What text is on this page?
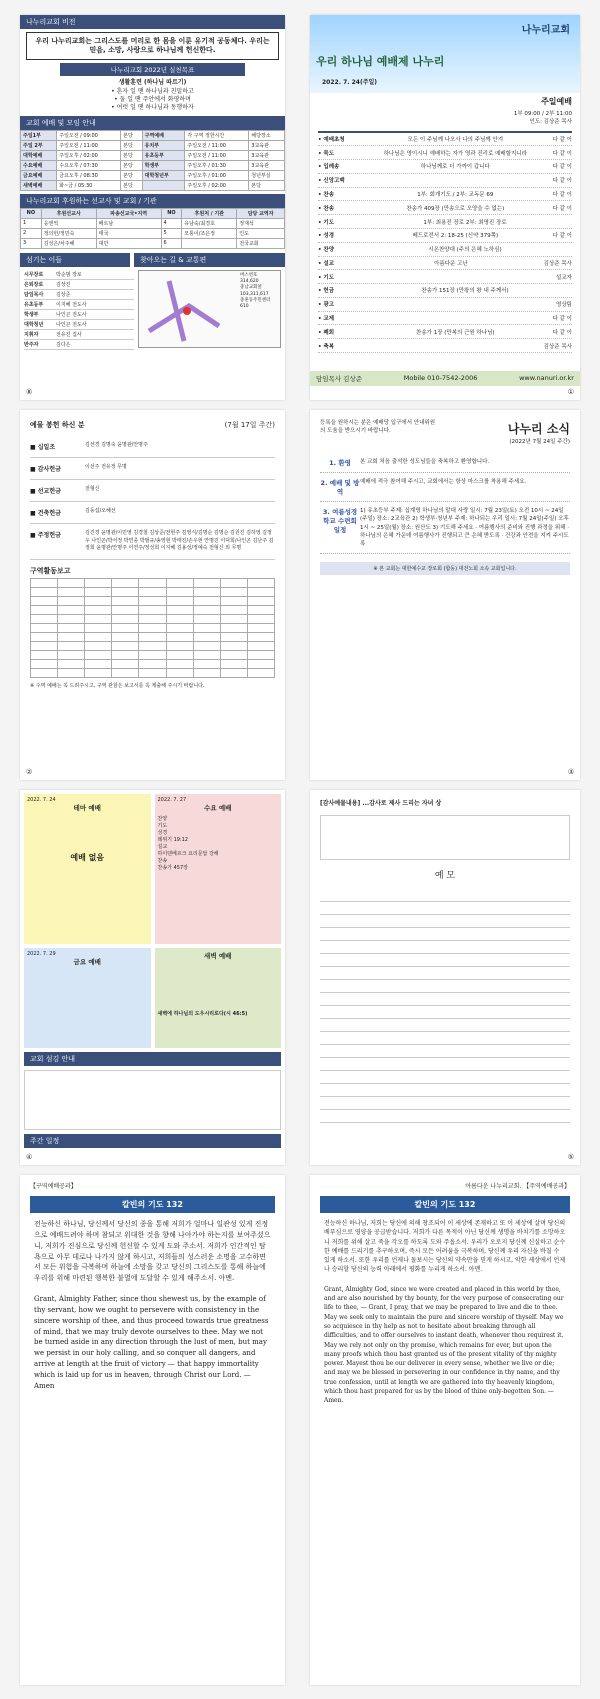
나누리교회 비전
우리 나누리교회는 그리스도를 머리로 한 몸을 이룬 유기적 공동체다. 우리는 믿음, 소망, 사랑으로 하나님께 헌신한다.
나누리교회 2022년 실천목표
생활훈련 (하나님 따르기)
• 혼자 일 땐 하나님과 친밀하고
• 둘 일 땐 주안에서 화평하며
• 여럿 일 땐 하나님과 동행하자
교회 예배 및 모임 안내
주일1부	주일오전 / 09:00	본당	구역예배	각 구역 정한시간	해당장소
주일 2부	주일오전 / 11:00	본당	유치부	주일오전 / 11:00	3교육관
대학예배	주일오후 / 02:00	본당	유초등부	주일오전 / 11:00	3교육관
수요예배	수요오후 / 07:30	본당	학생부	주일오후 / 01:30	3교육관
금요예배	금요오후 / 08:30	본당	대학청년부	주일오후 / 01:00	청년부실
새벽예배	화~금 / 05:30	본당		주일오후 / 02:00	본당
나누리교회 후원하는 선교사 및 교회 / 기관
NO	후원선교사	파송선교국•지역	NO	후원처 / 기관	담당 교역자
1	응엔씩	베트남	4	유남숙/최경호	정재석
2	정의헌/정민숙	태국	5	모퉁이/조은정	인도
3	김성은/차주혜	대만	6		전국교회
섬기는 이들	찾아오는 길 & 교통편
시무장로	박순범 장로
은퇴장로	김상진
담임목사	김상준
유초등부	이지혜 전도사
학생부	나인곤 전도사
대학청년	나인곤 전도사
지휘자	전유진 집사
반주자	김다은
버스번호
314,620
충남교회앞
103,311,617
충훈동주민센터
610
⑧
나누리교회
우리 하나님 예배제 나누리
2022. 7. 24(주일)
주일예배
1부 09:00 / 2부 11:00
인도: 김상준 목사
• 예배초청	모든 이 주님께 나오사 나의 주님께 안겨	다 같 이
• 묵도	하나님은 영이시니 예배하는 자가 영과 진리로 예배할지니라	다 같 이
• 입례송	하나님께로 더 가까이 갑니다	다 같 이
• 신앙고백	다 같 이
• 찬송	1부: 회개기도 / 2부: 교독문 69	다 같 이
• 찬송	찬송가 409장 (만송으로 오양을 수 없는)	다 같 이
• 기도	1부: 최용진 장로 2부: 최명진 장로
• 성경	베드로전서 2: 18-25 (신약 379쪽)	다 같 이
• 찬양	시온찬양대 (주의 은혜 노하심)
• 설교	아름다운 고난	김상준 목사
• 기도	설교자
• 헌금	찬송가 151장 (만왕의 왕 내 주께서)
• 광고	영상팀
• 교제	다 같 이
• 폐회	찬송가 1장 (만복의 근원 하나님)	다 같 이
• 축복	김상준 목사
담임목사 김상준	Mobile 010-7542-2006	www.nanuri.or.kr
①
예물 봉헌 하신 분	(7월 17일 주간)
■ 십일조	김선경 김명숙 윤명관/안명주
■ 감사헌금	이선주 전유정 무명
■ 선교헌금	전형신
■ 건축헌금	김동섭/오혜선
■ 주정헌금	김진경 윤명관/이민영 김경철 김상준/전현주 김영식/김명순 김명순 김원진 김하영 김정우 나인곤/박서정 박연종 박필규/송영현 박태진/손우현 안명진 이덕희/나인곤 김난주 김정희 윤명관/안명주 이연주/정성희 이지혜 김용성/정예숙 전형신 외 무명
구역활동보고

※ 수역 예배는 꼭 드려주시고, 구역 관찰은 보고서를 꼭 제출해 주시기 바랍니다.
②
등록을 원하시는 분은 예배당 입구에서 안내위원의 도움을 받으시기 바랍니다.	나누리 소식
(2022년 7월 24일 주간)
1. 환영	본 교회 처음 출석한 성도님들을 축복하고 환영합니다.
2. 예배 및 방역
예배에 적극 참여해 주시고, 교회에서는 항상 마스크를 착용해 주세요.
3. 여름성경학교 수련회 일정
1) 유초등부 주제: 십계명 하나님의 말대 사랑 일시: 7월 23일(토) 오전 10시 ~ 24일(주일) 장소: 2교육관 2) 학생부·청년부 주제: 하나되는 우리 일시: 7월 24일(주일) 오후 1시 ~ 25일(월) 장소: 원산도 3) 기도해 주세요 · 여름행사의 준비와 진행 과정을 위해 · 하나님의 은혜 가운데 여름행사가 진행되고 큰 은혜 받도록 · 건강과 안전을 지켜 주시도록
※ 본 교회는 대한예수교 장로회 (합동) 대전노회 소속 교회입니다.
③
2022. 7. 24
테마 예배
예배 없음
2022. 7. 27
수요 예배
찬양
기도
성경
레위기 19:12
설교
하이덴베르크 요리문답 강해
찬송
찬송가 457장
2022. 7. 29
금요 예배
새벽 예배
새벽에 하나님의 도우시리로다(시 46:5)
교회 섬김 안내
주간 일정
④
[감사예물내용] ...감사로 제사 드리는 자녀 상
예 모
⑤
【구역예배공과】
칼빈의 기도 132
전능하신 하나님, 당신께서 당신의 종을 통해 저희가 얼마나 일관성 있게 진정으로 예배드려야 하며 참되고 위대한 것을 향해 나아가야 하는지를 보여주셨으니, 저희가 진심으로 당신께 헌신할 수 있게 도와 주소서. 저희가 인간적인 탐욕으로 아무 데로나 나가지 않게 하시고, 저희들의 성스러운 소명을 고수하면서 모든 위험을 극복하며 하늘에 소망을 갖고 당신의 그리스도를 통해 하늘에 우리를 위해 마련된 행복한 불멸에 도달할 수 있게 해주소서. 아멘.
Grant, Almighty Father, since thou shewest us, by the example of thy servant, how we ought to persevere with consistency in the sincere worship of thee, and thus proceed towards true greatness of mind, that we may truly devote ourselves to thee. May we not be turned aside in any direction through the lust of men, but may we persist in our holy calling, and so conquer all dangers, and arrive at length at the fruit of victory — that happy immortality which is laid up for us in heaven, through Christ our Lord. — Amen
아름다운 나누리교회. 【주역예배공과】
칼빈의 기도 132
전능하신 하나님, 저희는 당신에 의해 창조되어 이 세상에 존재하고 또 이 세상에 살며 당신의 베푸심으로 영양을 공급받습니다. 저희가 다른 목적이 아닌 당신께 생명을 바치기를 소망하오니 저희를 위해 살고 죽을 각오를 하도록 도와 주옵소서. 우리가 오로지 당신께 신실하고 순수한 예배를 드리기를 추구하오며, 즉시 모든 어려움을 극복하며, 당신께 우리 자신을 바칠 수 있게 하소서. 또한 우리를 언제나 돌보시는 당신의 약속만을 믿게 하시고, 악한 세상에서 언제나 승리할 당신의 능력 아래에서 평화를 누리게 하소서. 아멘.
Grant, Almighty God, since we were created and placed in this world by thee, and are also nourished by thy bounty, for the very purpose of consecrating our life to thee, — Grant, I pray, that we may be prepared to live and die to thee. May we seek only to maintain the pure and sincere worship of thyself. May we so acquiesce in thy help as not to hesitate about breaking through all difficulties, and to offer ourselves to instant death, whenever thou requirest it. May we rely not only on thy promise, which remains for ever, but upon the many proofs which thou hast granted us of the present vitality of thy mighty power. Mayest thou be our deliverer in every sense, whether we live or die; and may we be blessed in persevering in our confidence in thy name, and thy true confession, until at length we are gathered into thy heavenly kingdom, which thou hast prepared for us by the blood of thine only-begotten Son. — Amen.
